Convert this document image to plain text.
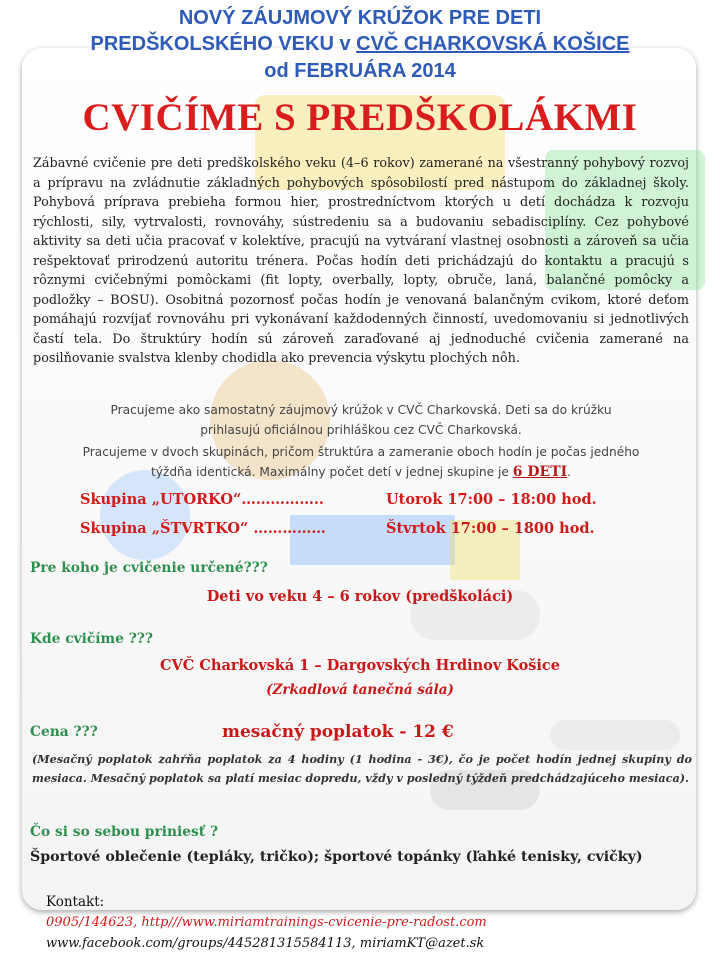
NOVÝ ZÁUJMOVÝ KRÚŽOK PRE DETI
PREDŠKOLSKÉHO VEKU v CVČ CHARKOVSKÁ KOŠICE
od FEBRUÁRA 2014
CVIČÍME S PREDŠKOLÁKMI
Zábavné cvičenie pre deti predškolského veku (4–6 rokov) zamerané na všestranný pohybový rozvoj a prípravu na zvládnutie základných pohybových spôsobilostí pred nástupom do základnej školy. Pohybová príprava prebieha formou hier, prostredníctvom ktorých u detí dochádza k rozvoju rýchlosti, sily, vytrvalosti, rovnováhy, sústredeniu sa a budovaniu sebadisciplíny. Cez pohybové aktivity sa deti učia pracovať v kolektíve, pracujú na vytváraní vlastnej osobnosti a zároveň sa učia rešpektovať prirodzenú autoritu trénera. Počas hodín deti prichádzajú do kontaktu a pracujú s rôznymi cvičebnými pomôckami (fit lopty, overbally, lopty, obruče, laná, balančné pomôcky a podložky – BOSU). Osobitná pozornosť počas hodín je venovaná balančným cvikom, ktoré deťom pomáhajú rozvíjať rovnováhu pri vykonávaní každodenných činností, uvedomovaniu si jednotlivých častí tela. Do štruktúry hodín sú zároveň zaraďované aj jednoduché cvičenia zamerané na posilňovanie svalstva klenby chodidla ako prevencia výskytu plochých nôh.
Pracujeme ako samostatný záujmový krúžok v CVČ Charkovská. Deti sa do krúžku
prihlasujú oficiálnou prihláškou cez CVČ Charkovská.
Pracujeme v dvoch skupinách, pričom štruktúra a zameranie oboch hodín je počas jedného
týždňa identická. Maximálny počet detí v jednej skupine je 6 DETI.
Skupina „UTORKO“……………..	Utorok 17:00 – 18:00 hod.
Skupina „ŠTVRTKO“ ……………	Štvrtok 17:00 – 1800 hod.
Pre koho je cvičenie určené???
Deti vo veku 4 – 6 rokov (predškoláci)
Kde cvičíme ???
CVČ Charkovská 1 – Dargovských Hrdinov Košice
(Zrkadlová tanečná sála)
Cena ???	mesačný poplatok - 12 €
(Mesačný poplatok zahŕňa poplatok za 4 hodiny (1 hodina - 3€), čo je počet hodín jednej skupiny do mesiaca. Mesačný poplatok sa platí mesiac dopredu, vždy v posledný týždeň predchádzajúceho mesiaca).
Čo si so sebou priniesť ?
Športové oblečenie (tepláky, tričko); športové topánky (ľahké tenisky, cvičky)
Kontakt:
0905/144623, http///www.miriamtrainings-cvicenie-pre-radost.com
www.facebook.com/groups/445281315584113, miriamKT@azet.sk
